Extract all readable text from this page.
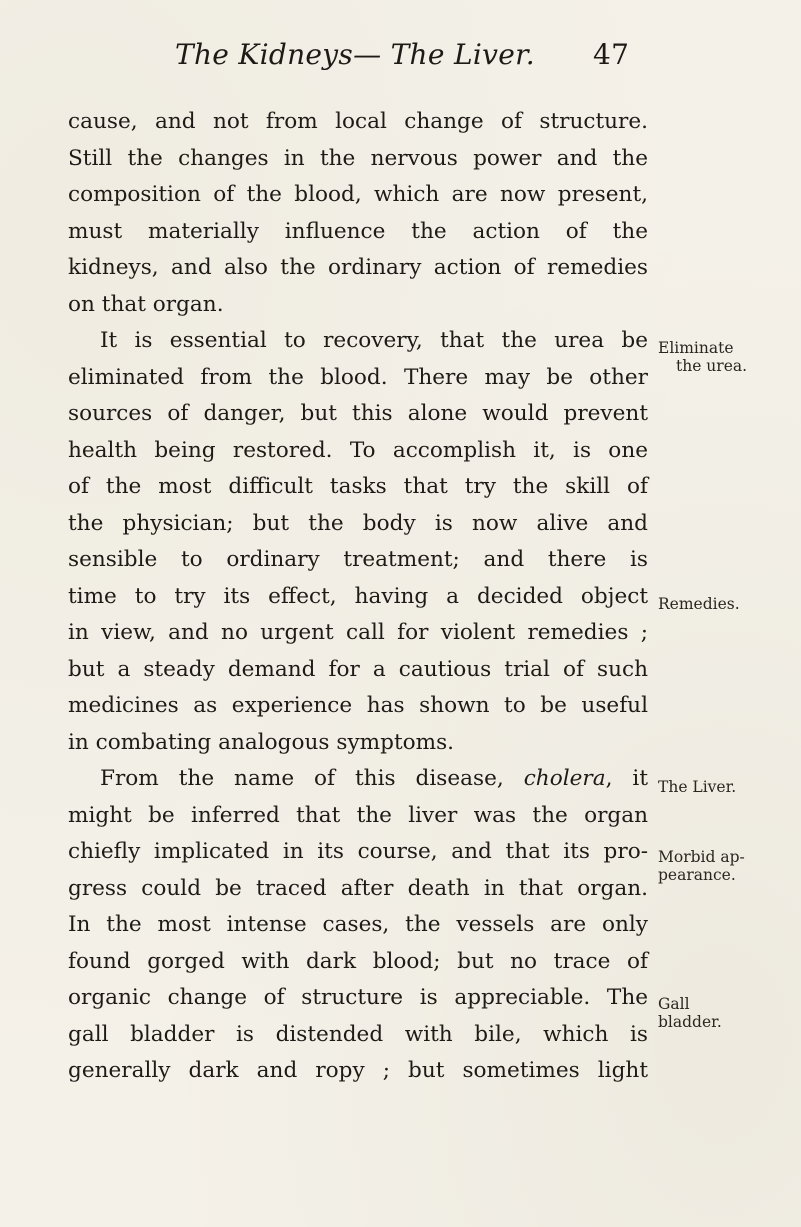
The Kidneys— The Liver. 47
cause, and not from local change of structure.
Still the changes in the nervous power and the
composition of the blood, which are now present,
must materially influence the action of the
kidneys, and also the ordinary action of remedies
on that organ.
It is essential to recovery, that the urea be
eliminated from the blood. There may be other
sources of danger, but this alone would prevent
health being restored. To accomplish it, is one
of the most difficult tasks that try the skill of
the physician; but the body is now alive and
sensible to ordinary treatment; and there is
time to try its effect, having a decided object
in view, and no urgent call for violent remedies ;
but a steady demand for a cautious trial of such
medicines as experience has shown to be useful
in combating analogous symptoms.
From the name of this disease, cholera, it
might be inferred that the liver was the organ
chiefly implicated in its course, and that its pro-
gress could be traced after death in that organ.
In the most intense cases, the vessels are only
found gorged with dark blood; but no trace of
organic change of structure is appreciable. The
gall bladder is distended with bile, which is
generally dark and ropy ; but sometimes light
Eliminate
the urea.
Remedies.
The Liver.
Morbid ap-
pearance.
Gall
bladder.
